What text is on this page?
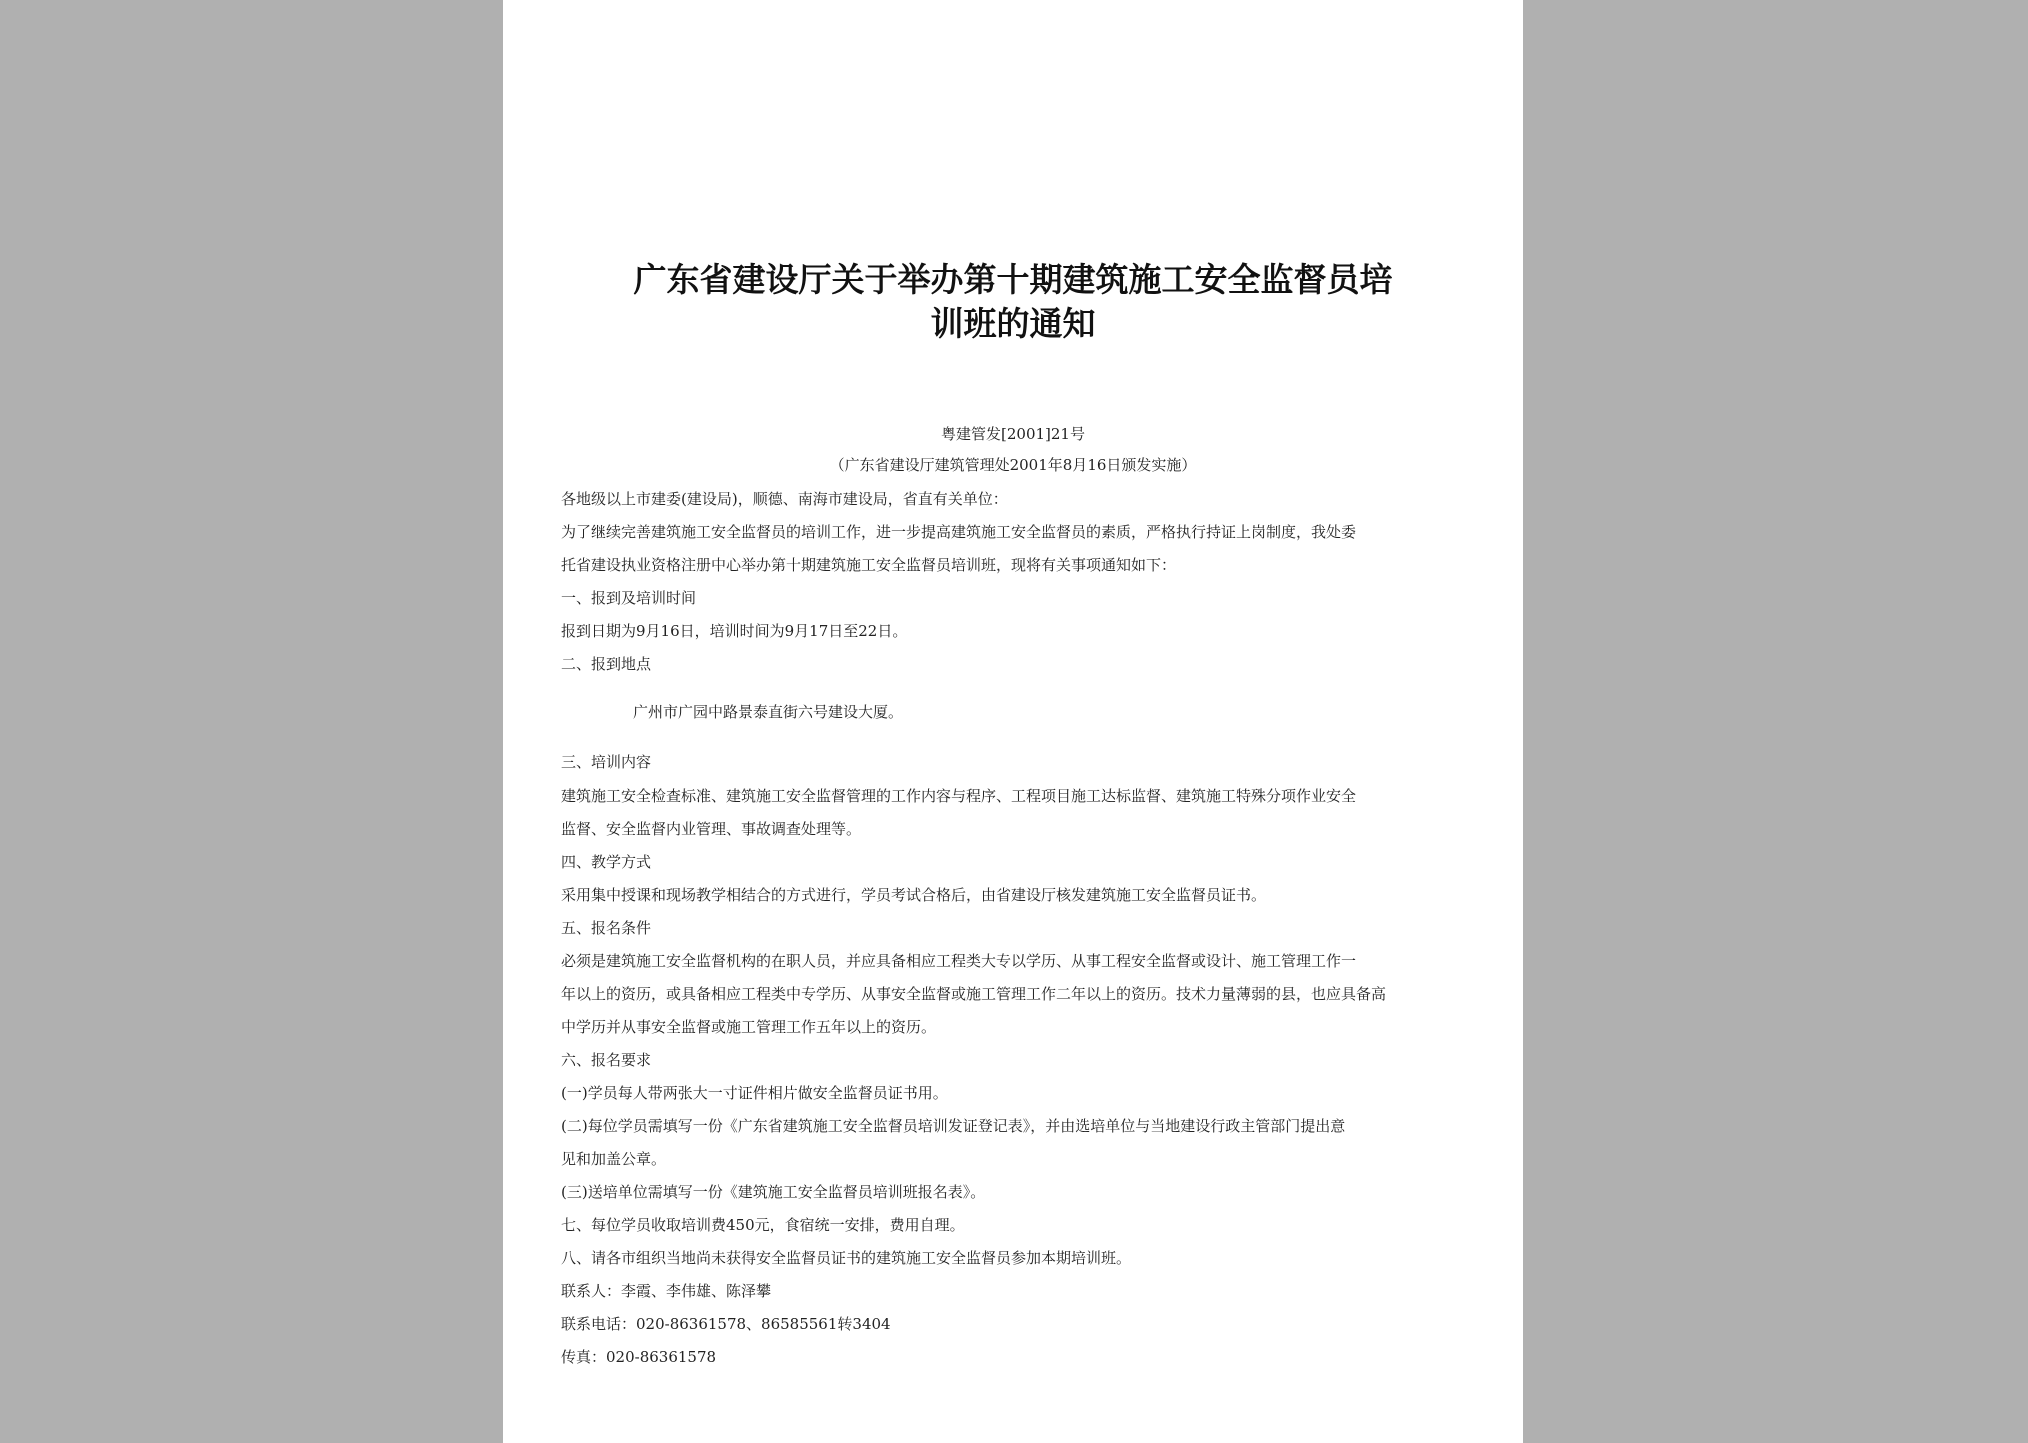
广东省建设厅关于举办第十期建筑施工安全监督员培
训班的通知
粤建管发[2001]21号
（广东省建设厅建筑管理处2001年8月16日颁发实施）
各地级以上市建委(建设局)，顺德、南海市建设局，省直有关单位：
为了继续完善建筑施工安全监督员的培训工作，进一步提高建筑施工安全监督员的素质，严格执行持证上岗制度，我处委
托省建设执业资格注册中心举办第十期建筑施工安全监督员培训班，现将有关事项通知如下：
一、报到及培训时间
报到日期为9月16日，培训时间为9月17日至22日。
二、报到地点
广州市广园中路景泰直街六号建设大厦。
三、培训内容
建筑施工安全检查标准、建筑施工安全监督管理的工作内容与程序、工程项目施工达标监督、建筑施工特殊分项作业安全
监督、安全监督内业管理、事故调查处理等。
四、教学方式
采用集中授课和现场教学相结合的方式进行，学员考试合格后，由省建设厅核发建筑施工安全监督员证书。
五、报名条件
必须是建筑施工安全监督机构的在职人员，并应具备相应工程类大专以学历、从事工程安全监督或设计、施工管理工作一
年以上的资历，或具备相应工程类中专学历、从事安全监督或施工管理工作二年以上的资历。技术力量薄弱的县，也应具备高
中学历并从事安全监督或施工管理工作五年以上的资历。
六、报名要求
(一)学员每人带两张大一寸证件相片做安全监督员证书用。
(二)每位学员需填写一份《广东省建筑施工安全监督员培训发证登记表》，并由选培单位与当地建设行政主管部门提出意
见和加盖公章。
(三)送培单位需填写一份《建筑施工安全监督员培训班报名表》。
七、每位学员收取培训费450元，食宿统一安排，费用自理。
八、请各市组织当地尚未获得安全监督员证书的建筑施工安全监督员参加本期培训班。
联系人：李霞、李伟雄、陈泽攀
联系电话：020-86361578、86585561转3404
传真：020-86361578
